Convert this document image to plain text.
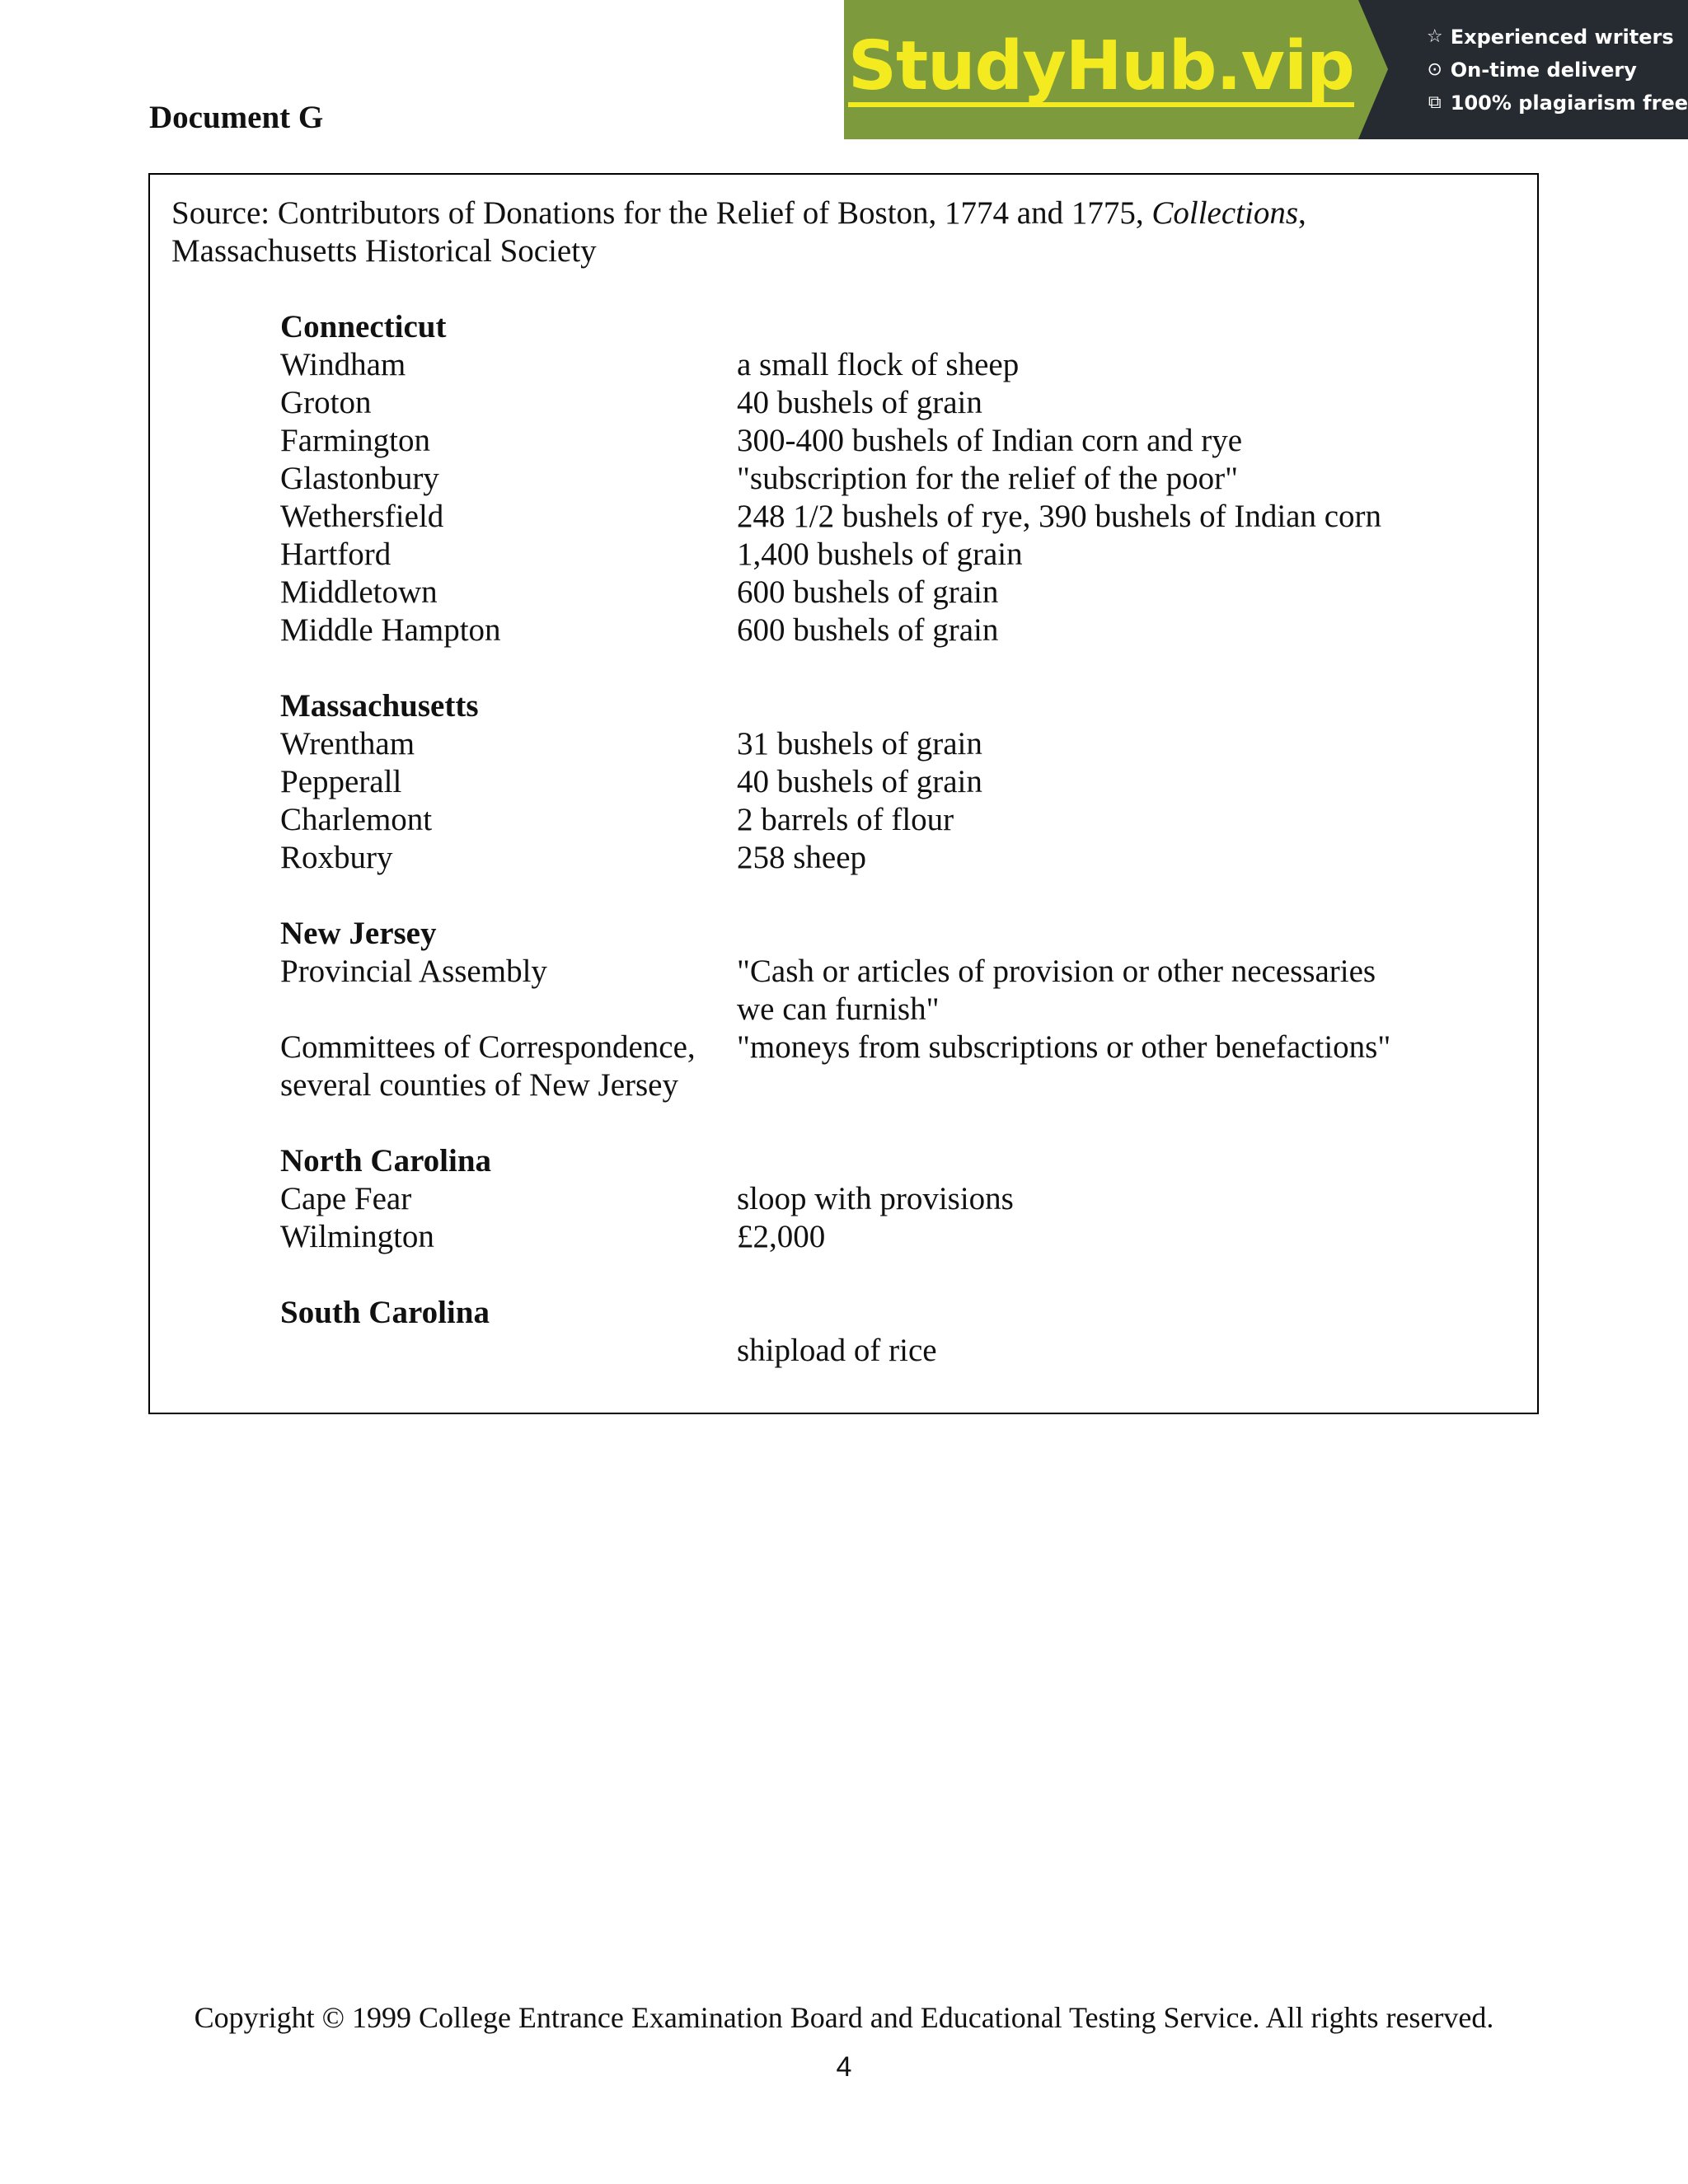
Document G
StudyHub.vip	☆ Experienced writers
⊙ On-time delivery
⧉ 100% plagiarism free
Source: Contributors of Donations for the Relief of Boston, 1774 and 1775, Collections,
Massachusetts Historical Society
Connecticut
Windham	a small flock of sheep
Groton	40 bushels of grain
Farmington	300-400 bushels of Indian corn and rye
Glastonbury	"subscription for the relief of the poor"
Wethersfield	248 1/2 bushels of rye, 390 bushels of Indian corn
Hartford	1,400 bushels of grain
Middletown	600 bushels of grain
Middle Hampton	600 bushels of grain
Massachusetts
Wrentham	31 bushels of grain
Pepperall	40 bushels of grain
Charlemont	2 barrels of flour
Roxbury	258 sheep
New Jersey
Provincial Assembly	"Cash or articles of provision or other necessaries
we can furnish"
Committees of Correspondence,	"moneys from subscriptions or other benefactions"
several counties of New Jersey
North Carolina
Cape Fear	sloop with provisions
Wilmington	£2,000
South Carolina
shipload of rice
Copyright © 1999 College Entrance Examination Board and Educational Testing Service. All rights reserved.
4
